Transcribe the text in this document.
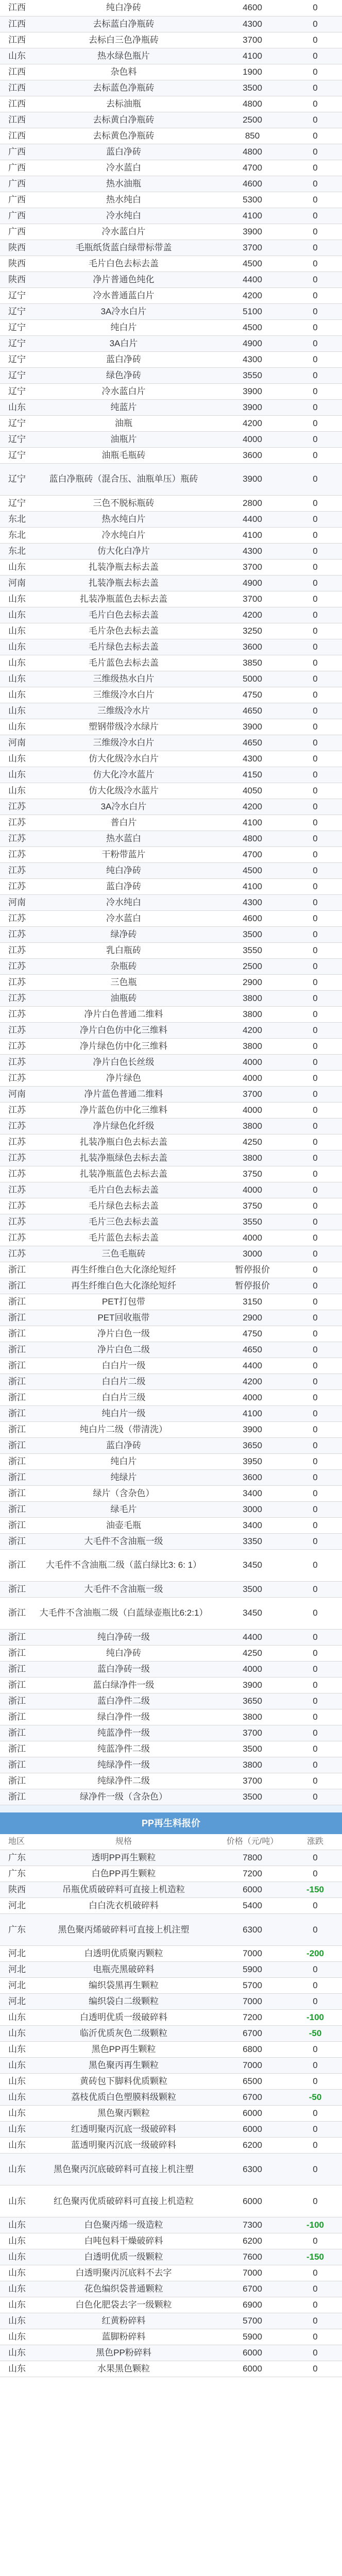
江西	纯白净砖	4600	0
江西	去标蓝白净瓶砖	4300	0
江西	去标白三色净瓶砖	3700	0
山东	热水绿色瓶片	4100	0
江西	杂色料	1900	0
江西	去标蓝色净瓶砖	3500	0
江西	去标油瓶	4800	0
江西	去标黄白净瓶砖	2500	0
江西	去标黄色净瓶砖	850	0
广西	蓝白净砖	4800	0
广西	冷水蓝白	4700	0
广西	热水油瓶	4600	0
广西	热水纯白	5300	0
广西	冷水纯白	4100	0
广西	冷水蓝白片	3900	0
陕西	毛瓶纸货蓝白绿带标带盖	3700	0
陕西	毛片白色去标去盖	4500	0
陕西	净片普通色纯化	4400	0
辽宁	冷水普通蓝白片	4200	0
辽宁	3A冷水白片	5100	0
辽宁	纯白片	4500	0
辽宁	3A白片	4900	0
辽宁	蓝白净砖	4300	0
辽宁	绿色净砖	3550	0
辽宁	冷水蓝白片	3900	0
山东	纯蓝片	3900	0
辽宁	油瓶	4200	0
辽宁	油瓶片	4000	0
辽宁	油瓶毛瓶砖	3600	0
辽宁	蓝白净瓶砖（混合压、油瓶单压）瓶砖	3900	0
辽宁	三色不脱标瓶砖	2800	0
东北	热水纯白片	4400	0
东北	冷水纯白片	4100	0
东北	仿大化白净片	4300	0
山东	扎装净瓶去标去盖	3700	0
河南	扎装净瓶去标去盖	4900	0
山东	扎装净瓶蓝色去标去盖	3700	0
山东	毛片白色去标去盖	4200	0
山东	毛片杂色去标去盖	3250	0
山东	毛片绿色去标去盖	3600	0
山东	毛片蓝色去标去盖	3850	0
山东	三维级热水白片	5000	0
山东	三维级冷水白片	4750	0
山东	三维级冷水片	4650	0
山东	塑钢带级冷水绿片	3900	0
河南	三维级冷水白片	4650	0
山东	仿大化级冷水白片	4300	0
山东	仿大化冷水蓝片	4150	0
山东	仿大化级冷水蓝片	4050	0
江苏	3A冷水白片	4200	0
江苏	普白片	4100	0
江苏	热水蓝白	4800	0
江苏	干粉带蓝片	4700	0
江苏	纯白净砖	4500	0
江苏	蓝白净砖	4100	0
河南	冷水纯白	4300	0
江苏	冷水蓝白	4600	0
江苏	绿净砖	3500	0
江苏	乳白瓶砖	3550	0
江苏	杂瓶砖	2500	0
江苏	三色瓶	2900	0
江苏	油瓶砖	3800	0
江苏	净片白色普通二维料	3800	0
江苏	净片白色仿中化三维料	4200	0
江苏	净片绿色仿中化三维料	3800	0
江苏	净片白色长丝级	4000	0
江苏	净片绿色	4000	0
河南	净片蓝色普通二维料	3700	0
江苏	净片蓝色仿中化三维料	4000	0
江苏	净片绿色化纤级	3800	0
江苏	扎装净瓶白色去标去盖	4250	0
江苏	扎装净瓶绿色去标去盖	3800	0
江苏	扎装净瓶蓝色去标去盖	3750	0
江苏	毛片白色去标去盖	4000	0
江苏	毛片绿色去标去盖	3750	0
江苏	毛片三色去标去盖	3550	0
江苏	毛片蓝色去标去盖	4000	0
江苏	三色毛瓶砖	3000	0
浙江	再生纤维白色大化涤纶短纤	暂停报价	0
浙江	再生纤维白色大化涤纶短纤	暂停报价	0
浙江	PET打包带	3150	0
浙江	PET回收瓶带	2900	0
浙江	净片白色一级	4750	0
浙江	净片白色二级	4650	0
浙江	白白片一级	4400	0
浙江	白白片二级	4200	0
浙江	白白片三级	4000	0
浙江	纯白片一级	4100	0
浙江	纯白片二级（带清洗）	3900	0
浙江	蓝白净砖	3650	0
浙江	纯白片	3950	0
浙江	纯绿片	3600	0
浙江	绿片（含杂色）	3400	0
浙江	绿毛片	3000	0
浙江	油壶毛瓶	3400	0
浙江	大毛件不含油瓶一级	3350	0
浙江	大毛件不含油瓶二级（蓝白绿比3: 6: 1）	3450	0
浙江	大毛件不含油瓶一级	3500	0
浙江	大毛件不含油瓶二级（白蓝绿壶瓶比6:2:1）	3450	0
浙江	纯白净砖一级	4400	0
浙江	纯白净砖	4250	0
浙江	蓝白净砖一级	4000	0
浙江	蓝白绿净件一级	3900	0
浙江	蓝白净件二级	3650	0
浙江	绿白净件一级	3800	0
浙江	纯蓝净件一级	3700	0
浙江	纯蓝净件二级	3500	0
浙江	纯绿净件一级	3800	0
浙江	纯绿净件二级	3700	0
浙江	绿净件一级（含杂色）	3500	0
PP再生料报价
地区	规格	价格（元/吨）	涨跌
广东	透明PP再生颗粒	7800	0
广东	白色PP再生颗粒	7200	0
陕西	吊瓶优质破碎料可直接上机造粒	6000	-150
河北	白白洗衣机破碎料	5400	0
广东	黑色聚丙烯破碎料可直接上机注塑	6300	0
河北	白透明优质聚丙颗粒	7000	-200
河北	电瓶壳黑破碎料	5900	0
河北	编织袋黑再生颗粒	5700	0
河北	编织袋白二级颗粒	7000	0
山东	白透明优质一级破碎料	7200	-100
山东	临沂优质灰色二级颗粒	6700	-50
山东	黑色PP再生颗粒	6800	0
山东	黑色聚丙再生颗粒	7000	0
山东	黄砖包下脚料优质颗粒	6500	0
山东	荔枝优质白色塑膜料级颗粒	6700	-50
山东	黑色聚丙颗粒	6000	0
山东	红透明聚丙沉底一级破碎料	6000	0
山东	蓝透明聚丙沉底一级破碎料	6200	0
山东	黑色聚丙沉底破碎料可直接上机注塑	6300	0
山东	红色聚丙优质破碎料可直接上机造粒	6000	0
山东	白色聚丙烯一级造粒	7300	-100
山东	白吨包料干燥破碎料	6200	0
山东	白透明优质一级颗粒	7600	-150
山东	白透明聚丙沉底料不去字	7000	0
山东	花色编织袋普通颗粒	6700	0
山东	白色化肥袋去字一级颗粒	6900	0
山东	红黄粉碎料	5700	0
山东	蓝脚粉碎料	5900	0
山东	黑色PP粉碎料	6000	0
山东	水果黑色颗粒	6000	0
